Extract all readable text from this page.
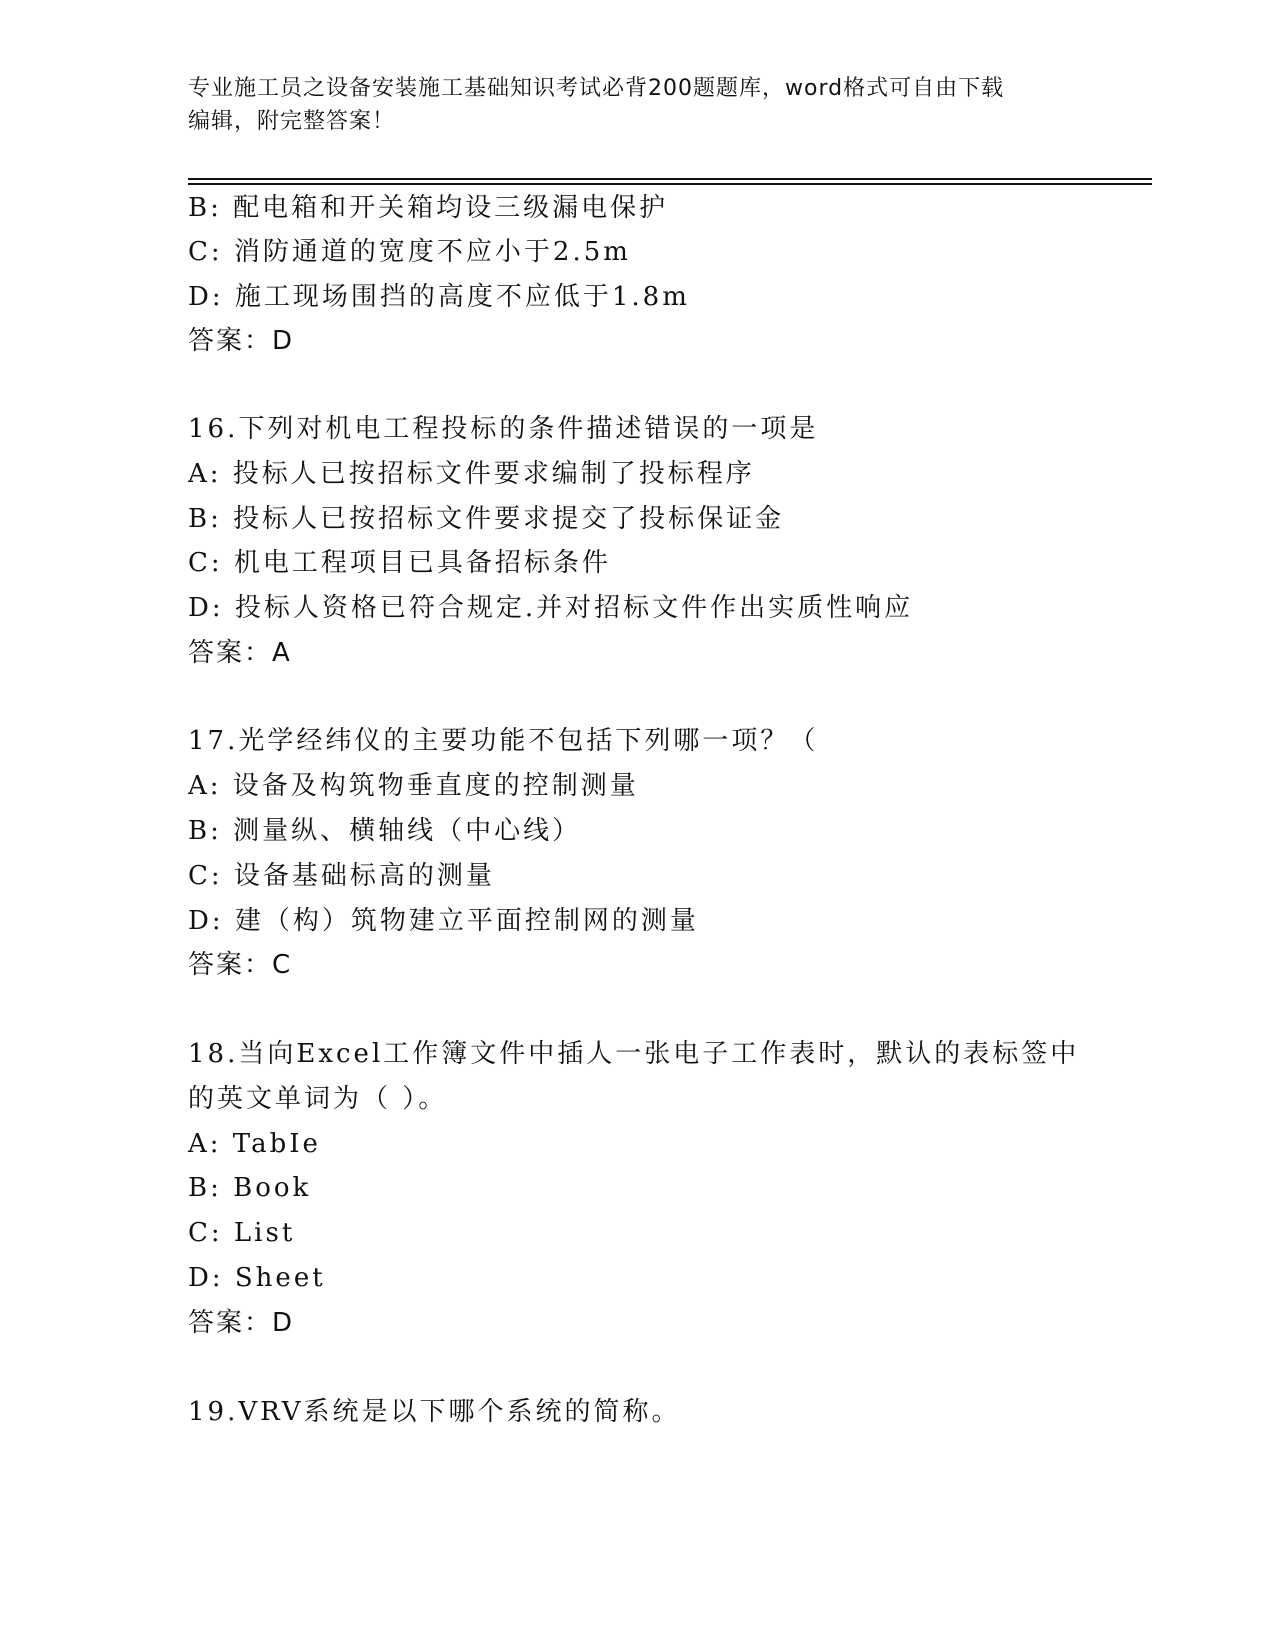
专业施工员之设备安装施工基础知识考试必背200题题库，word格式可自由下载
编辑，附完整答案！
B: 配电箱和开关箱均设三级漏电保护
C: 消防通道的宽度不应小于2.5m
D: 施工现场围挡的高度不应低于1.8m
答案：D
16.下列对机电工程投标的条件描述错误的一项是
A: 投标人已按招标文件要求编制了投标程序
B: 投标人已按招标文件要求提交了投标保证金
C: 机电工程项目已具备招标条件
D: 投标人资格已符合规定.并对招标文件作出实质性响应
答案：A
17.光学经纬仪的主要功能不包括下列哪一项？（
A: 设备及构筑物垂直度的控制测量
B: 测量纵、横轴线（中心线）
C: 设备基础标高的测量
D: 建（构）筑物建立平面控制网的测量
答案：C
18.当向Excel工作簿文件中插人一张电子工作表时，默认的表标签中
的英文单词为（ ）。
A: TabIe
B: Book
C: List
D: Sheet
答案：D
19.VRV系统是以下哪个系统的简称。
